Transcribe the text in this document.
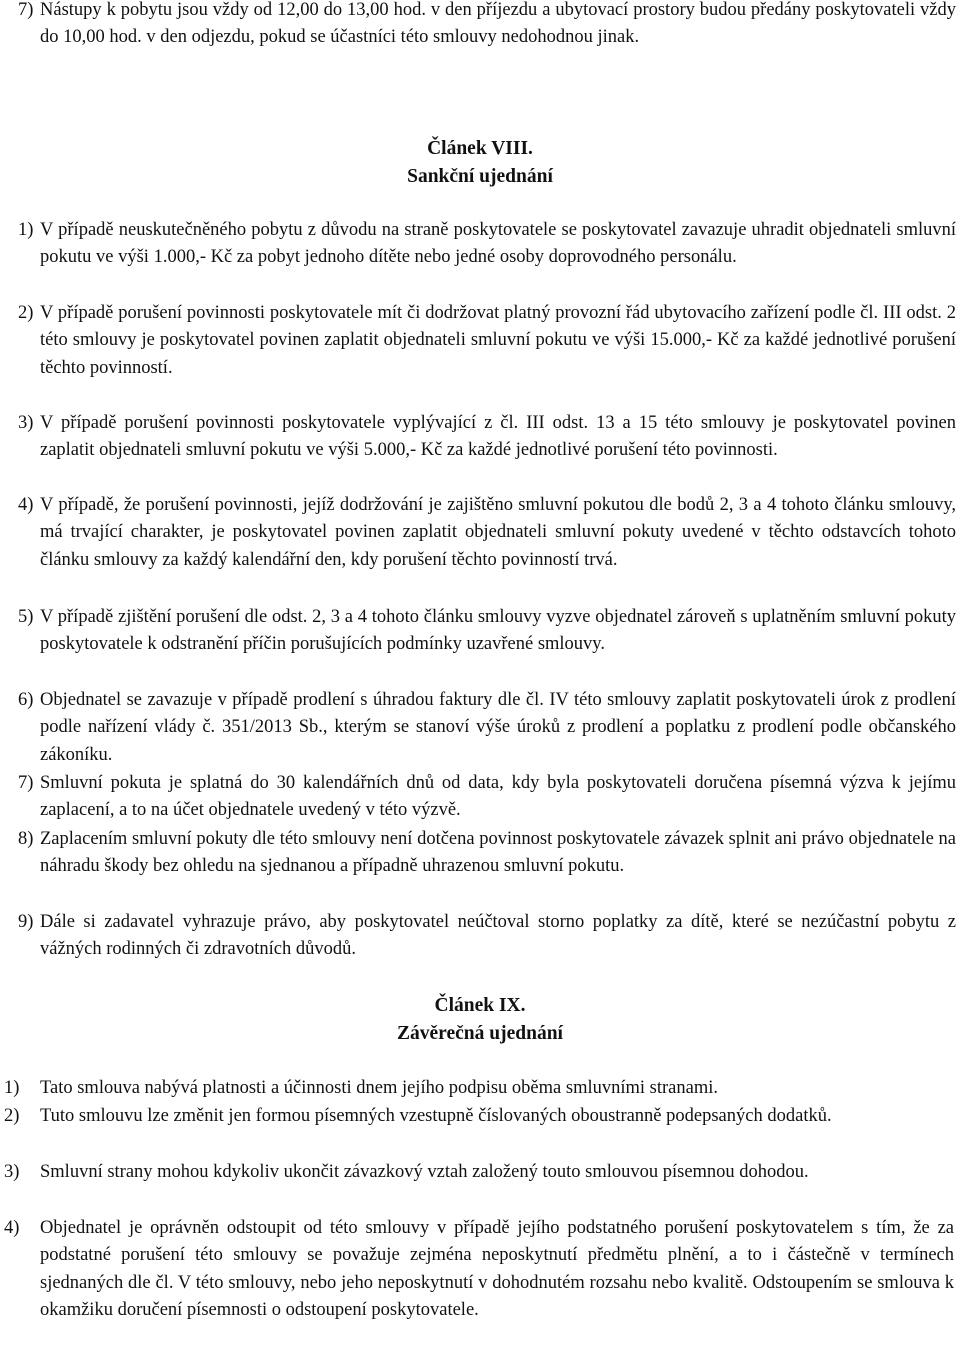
7) Nástupy k pobytu jsou vždy od 12,00 do 13,00 hod. v den příjezdu a ubytovací prostory budou předány poskytovateli vždy do 10,00 hod. v den odjezdu, pokud se účastníci této smlouvy nedohodnou jinak.
Článek VIII.
Sankční ujednání
1) V případě neuskutečněného pobytu z důvodu na straně poskytovatele se poskytovatel zavazuje uhradit objednateli smluvní pokutu ve výši 1.000,- Kč za pobyt jednoho dítěte nebo jedné osoby doprovodného personálu.
2) V případě porušení povinnosti poskytovatele mít či dodržovat platný provozní řád ubytovacího zařízení podle čl. III odst. 2 této smlouvy je poskytovatel povinen zaplatit objednateli smluvní pokutu ve výši 15.000,- Kč za každé jednotlivé porušení těchto povinností.
3) V případě porušení povinnosti poskytovatele vyplývající z čl. III odst. 13 a 15 této smlouvy je poskytovatel povinen zaplatit objednateli smluvní pokutu ve výši 5.000,- Kč za každé jednotlivé porušení této povinnosti.
4) V případě, že porušení povinnosti, jejíž dodržování je zajištěno smluvní pokutou dle bodů 2, 3 a 4 tohoto článku smlouvy, má trvající charakter, je poskytovatel povinen zaplatit objednateli smluvní pokuty uvedené v těchto odstavcích tohoto článku smlouvy za každý kalendářní den, kdy porušení těchto povinností trvá.
5) V případě zjištění porušení dle odst. 2, 3 a 4 tohoto článku smlouvy vyzve objednatel zároveň s uplatněním smluvní pokuty poskytovatele k odstranění příčin porušujících podmínky uzavřené smlouvy.
6) Objednatel se zavazuje v případě prodlení s úhradou faktury dle čl. IV této smlouvy zaplatit poskytovateli úrok z prodlení podle nařízení vlády č. 351/2013 Sb., kterým se stanoví výše úroků z prodlení a poplatku z prodlení podle občanského zákoníku.
7) Smluvní pokuta je splatná do 30 kalendářních dnů od data, kdy byla poskytovateli doručena písemná výzva k jejímu zaplacení, a to na účet objednatele uvedený v této výzvě.
8) Zaplacením smluvní pokuty dle této smlouvy není dotčena povinnost poskytovatele závazek splnit ani právo objednatele na náhradu škody bez ohledu na sjednanou a případně uhrazenou smluvní pokutu.
9) Dále si zadavatel vyhrazuje právo, aby poskytovatel neúčtoval storno poplatky za dítě, které se nezúčastní pobytu z vážných rodinných či zdravotních důvodů.
Článek IX.
Závěrečná ujednání
1) Tato smlouva nabývá platnosti a účinnosti dnem jejího podpisu oběma smluvními stranami.
2) Tuto smlouvu lze změnit jen formou písemných vzestupně číslovaných oboustranně podepsaných dodatků.
3) Smluvní strany mohou kdykoliv ukončit závazkový vztah založený touto smlouvou písemnou dohodou.
4) Objednatel je oprávněn odstoupit od této smlouvy v případě jejího podstatného porušení poskytovatelem s tím, že za podstatné porušení této smlouvy se považuje zejména neposkytnutí předmětu plnění, a to i částečně v termínech sjednaných dle čl. V této smlouvy, nebo jeho neposkytnutí v dohodnutém rozsahu nebo kvalitě. Odstoupením se smlouva k okamžiku doručení písemnosti o odstoupení poskytovatele.
